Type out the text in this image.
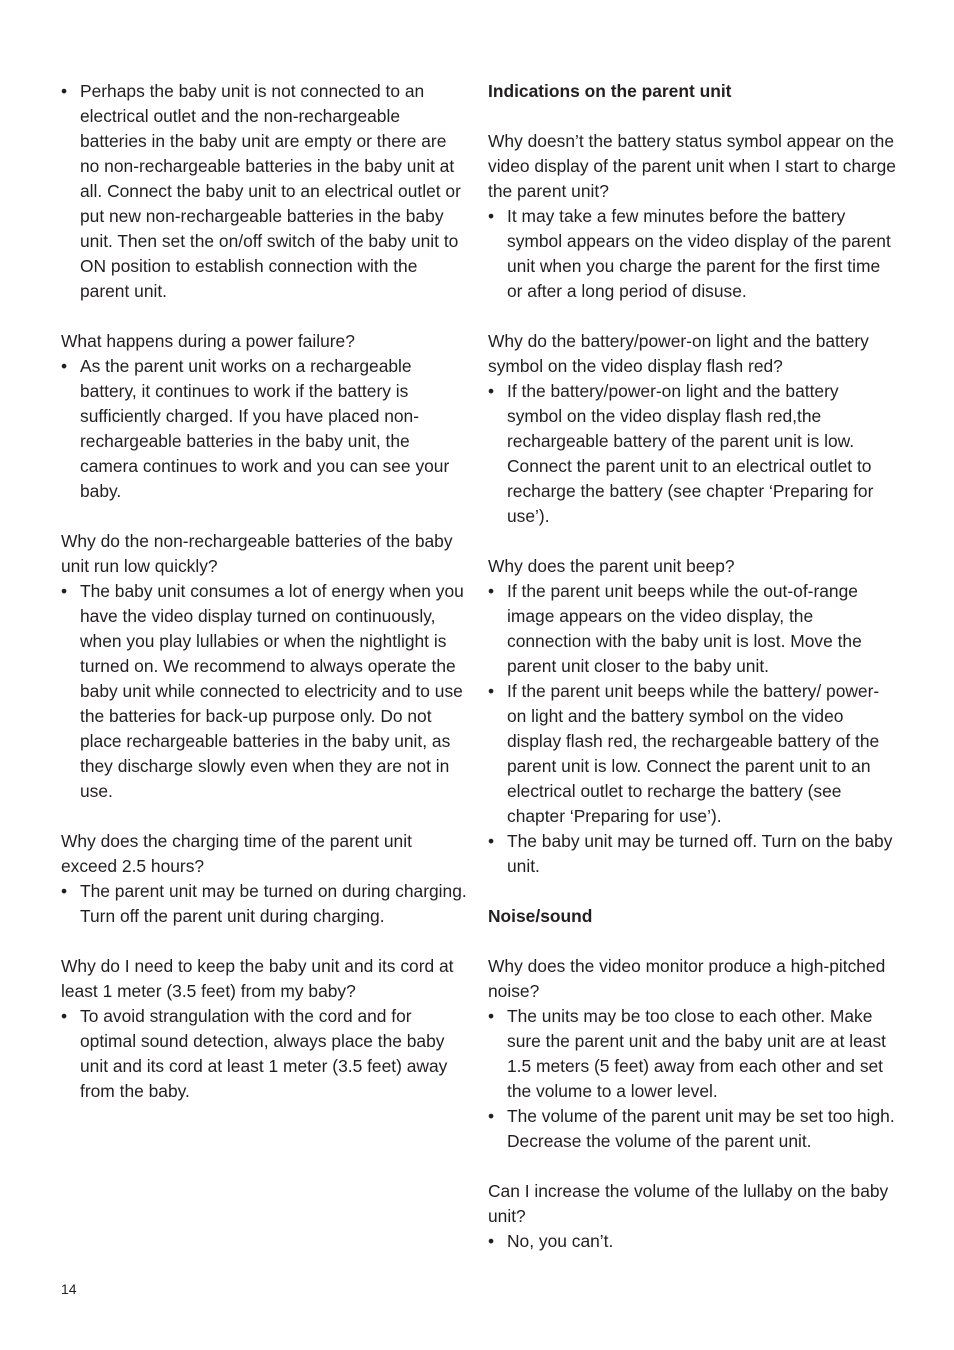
• Perhaps the baby unit is not connected to an electrical outlet and the non-rechargeable batteries in the baby unit are empty or there are no non-rechargeable batteries in the baby unit at all. Connect the baby unit to an electrical outlet or put new non-rechargeable batteries in the baby unit. Then set the on/off switch of the baby unit to ON position to establish connection with the parent unit.

What happens during a power failure?

• As the parent unit works on a rechargeable battery, it continues to work if the battery is sufficiently charged. If you have placed non-rechargeable batteries in the baby unit, the camera continues to work and you can see your baby.

Why do the non-rechargeable batteries of the baby unit run low quickly?

• The baby unit consumes a lot of energy when you have the video display turned on continuously, when you play lullabies or when the nightlight is turned on. We recommend to always operate the baby unit while connected to electricity and to use the batteries for back-up purpose only. Do not place rechargeable batteries in the baby unit, as they discharge slowly even when they are not in use.

Why does the charging time of the parent unit exceed 2.5 hours?

• The parent unit may be turned on during charging. Turn off the parent unit during charging.

Why do I need to keep the baby unit and its cord at least 1 meter (3.5 feet) from my baby?

• To avoid strangulation with the cord and for optimal sound detection, always place the baby unit and its cord at least 1 meter (3.5 feet) away from the baby.

Indications on the parent unit

Why doesn’t the battery status symbol appear on the video display of the parent unit when I start to charge the parent unit?

• It may take a few minutes before the battery symbol appears on the video display of the parent unit when you charge the parent for the first time or after a long period of disuse.

Why do the battery/power-on light and the battery symbol on the video display flash red?

• If the battery/power-on light and the battery symbol on the video display flash red,the rechargeable battery of the parent unit is low. Connect the parent unit to an electrical outlet to recharge the battery (see chapter ‘Preparing for use’).

Why does the parent unit beep?

• If the parent unit beeps while the out-of-range image appears on the video display, the connection with the baby unit is lost. Move the parent unit closer to the baby unit.
• If the parent unit beeps while the battery/ power-on light and the battery symbol on the video display flash red, the rechargeable battery of the parent unit is low. Connect the parent unit to an electrical outlet to recharge the battery (see chapter ‘Preparing for use’).
• The baby unit may be turned off. Turn on the baby unit.

Noise/sound

Why does the video monitor produce a high-pitched noise?

• The units may be too close to each other. Make sure the parent unit and the baby unit are at least 1.5 meters (5 feet) away from each other and set the volume to a lower level.
• The volume of the parent unit may be set too high. Decrease the volume of the parent unit.

Can I increase the volume of the lullaby on the baby unit?

• No, you can’t.
14
